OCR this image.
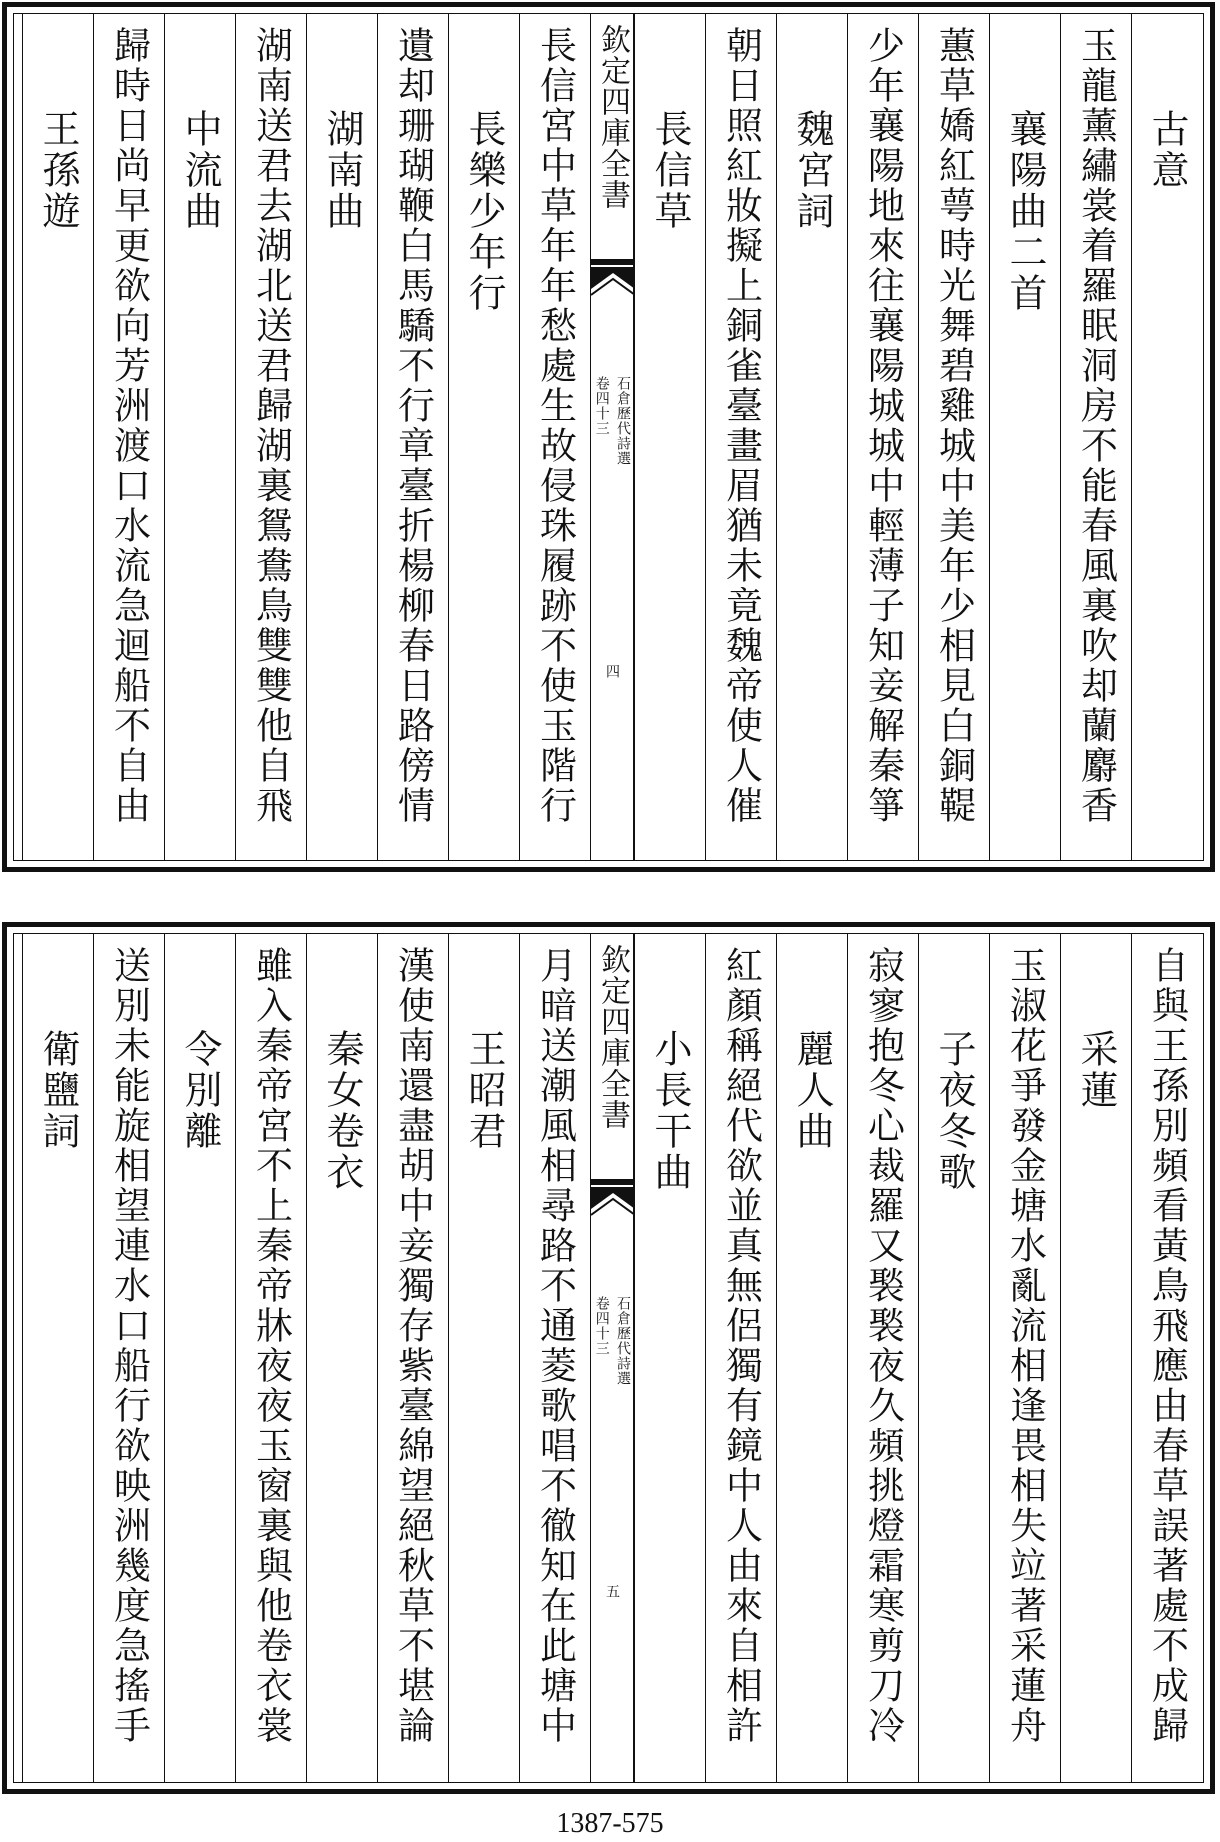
古意
玉龍薰繡裳着羅眠洞房不能春風裏吹却蘭麝香
襄陽曲二首
蕙草嬌紅萼時光舞碧雞城中美年少相見白銅鞮
少年襄陽地來往襄陽城城中輕薄子知妾解秦箏
魏宮詞
朝日照紅妝擬上銅雀臺畫眉猶未竟魏帝使人催
長信草
欽定四庫全書
石倉歷代詩選
卷四十三
四
長信宮中草年年愁處生故侵珠履跡不使玉階行
長樂少年行
遺却珊瑚鞭白馬驕不行章臺折楊柳春日路傍情
湖南曲
湖南送君去湖北送君歸湖裏鴛鴦鳥雙雙他自飛
中流曲
歸時日尚早更欲向芳洲渡口水流急迴船不自由
王孫遊
自與王孫別頻看黃鳥飛應由春草誤著處不成歸
采蓮
玉淑花爭發金塘水亂流相逢畏相失竝著采蓮舟
子夜冬歌
寂寥抱冬心裁羅又褧褧夜久頻挑燈霜寒剪刀冷
麗人曲
紅顏稱絕代欲並真無侶獨有鏡中人由來自相許
小長干曲
欽定四庫全書
石倉歷代詩選
卷四十三
五
月暗送潮風相尋路不通菱歌唱不徹知在此塘中
王昭君
漢使南還盡胡中妾獨存紫臺綿望絕秋草不堪論
秦女卷衣
雖入秦帝宮不上秦帝牀夜夜玉窗裏與他卷衣裳
令別離
送別未能旋相望連水口船行欲映洲幾度急搖手
衛鹽詞
1387-575
